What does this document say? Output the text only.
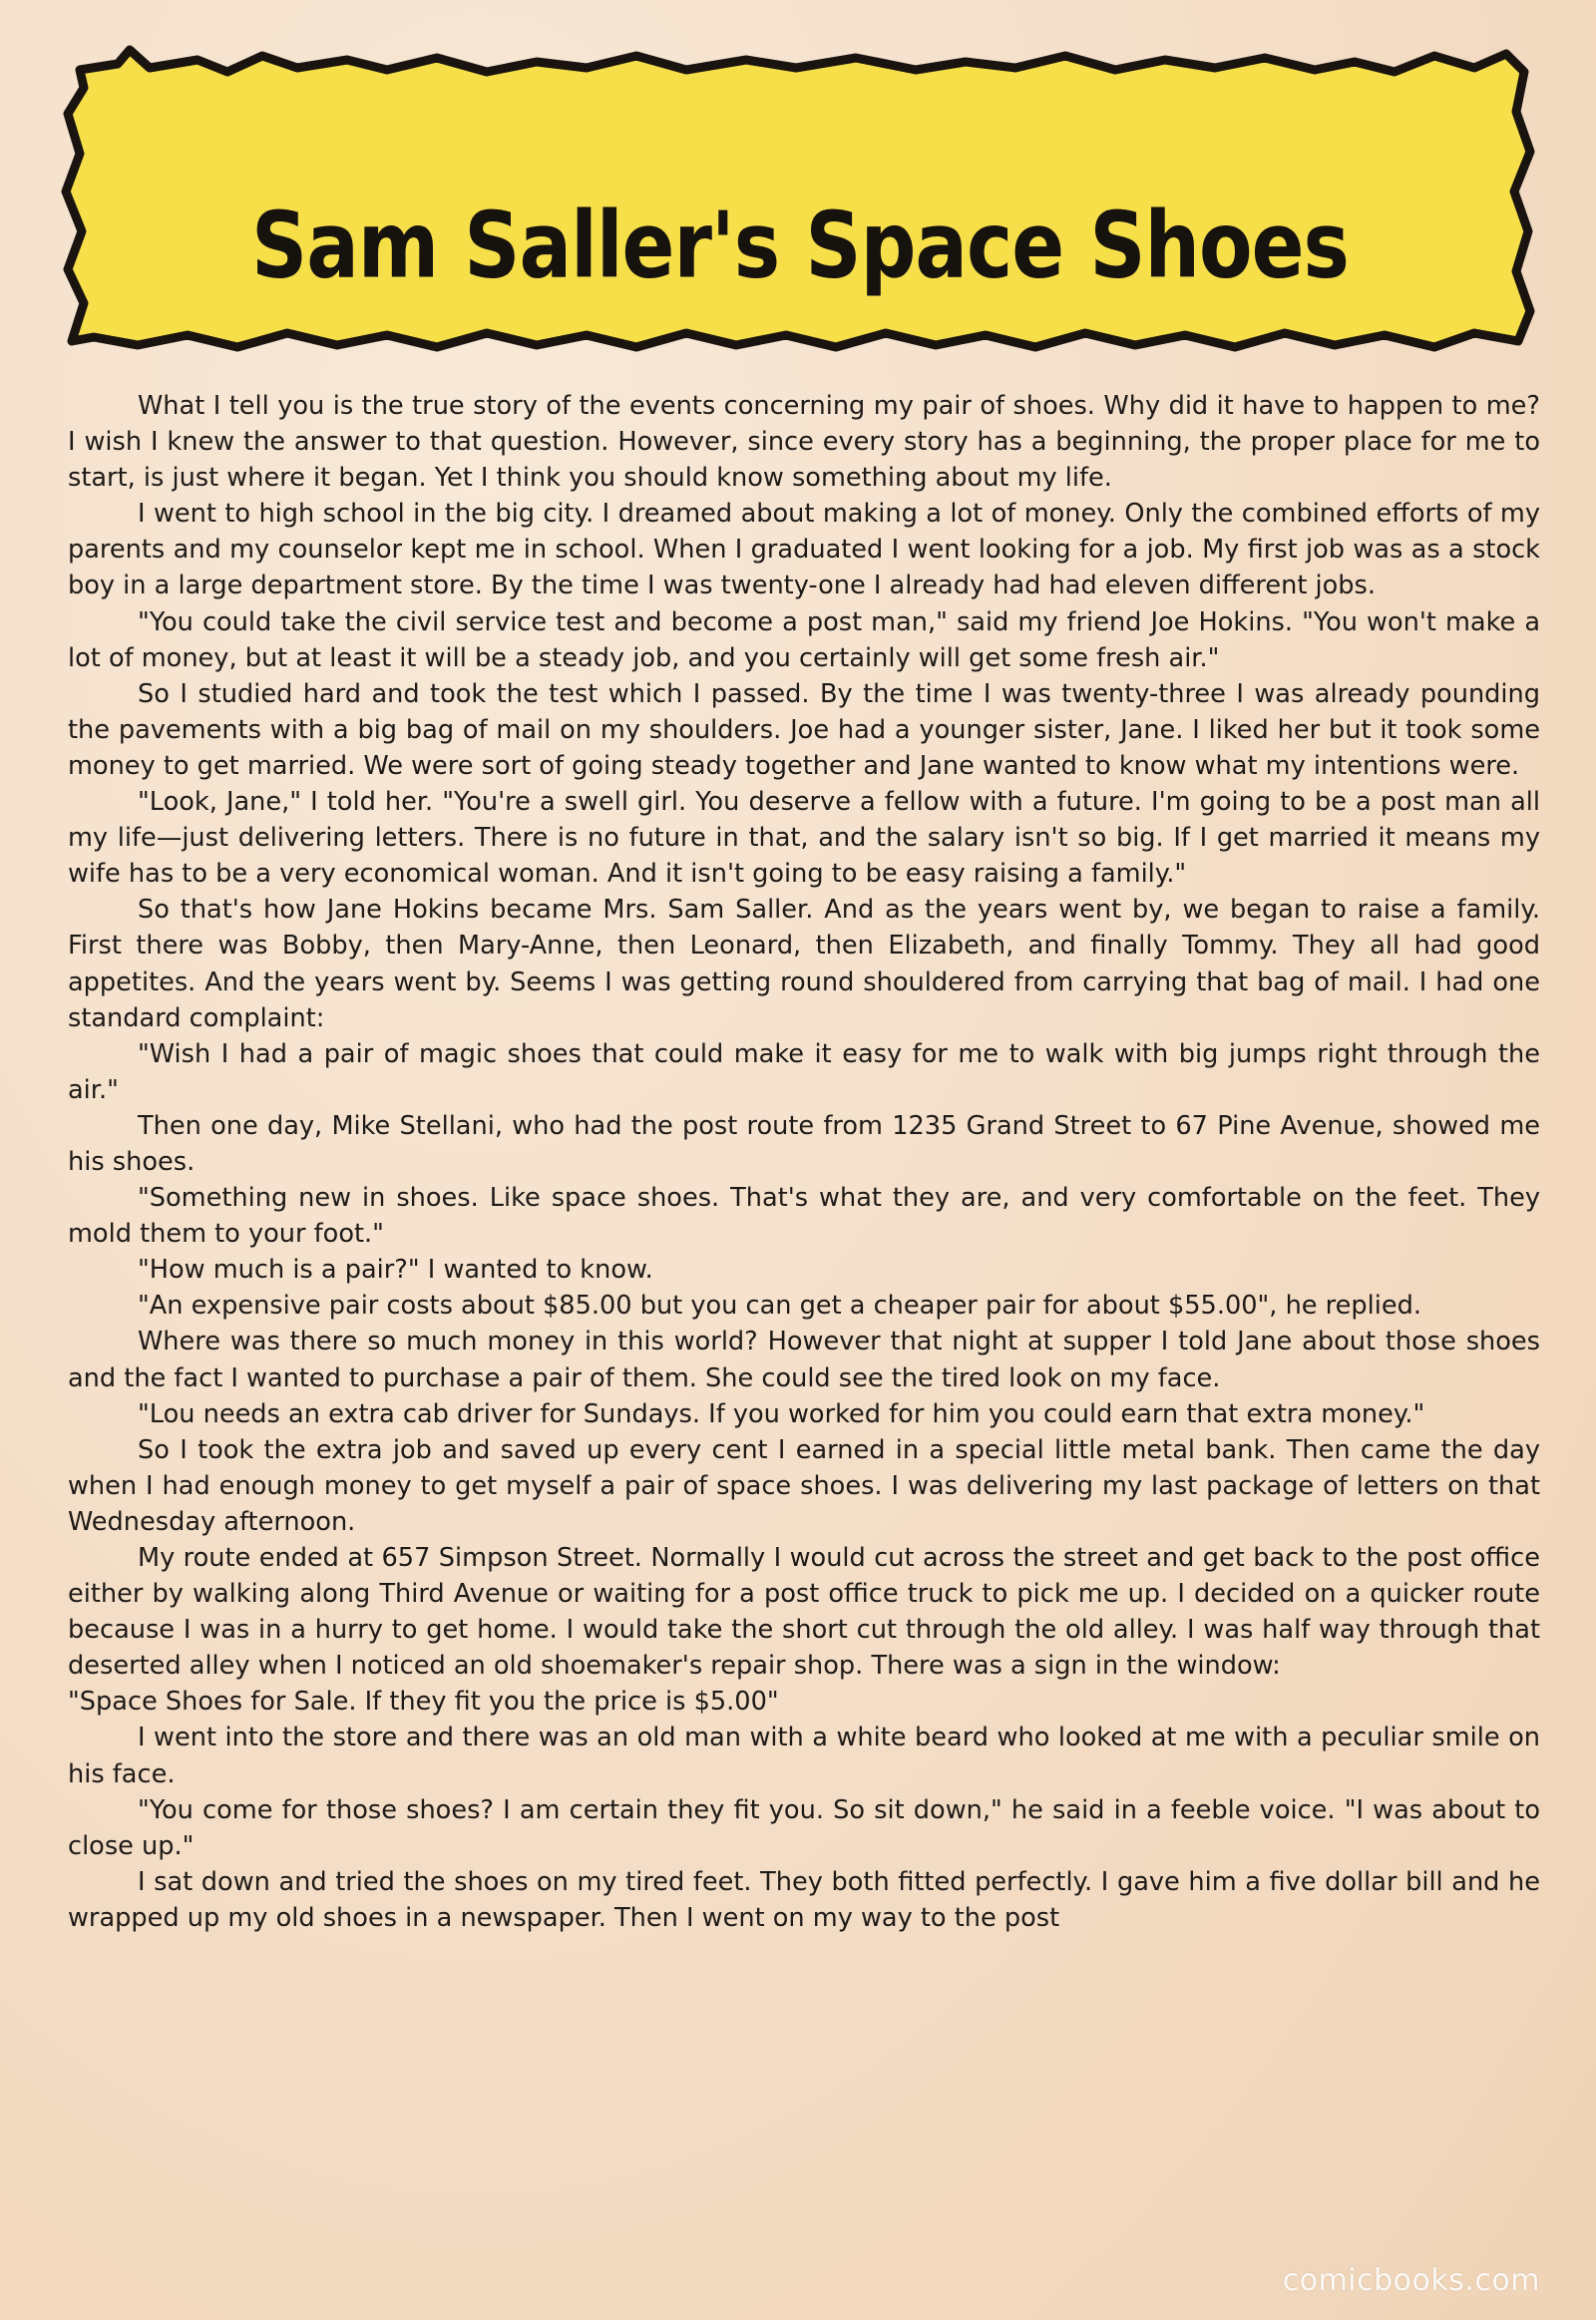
Sam Saller's Space Shoes

What I tell you is the true story of the events concerning my pair of shoes. Why did it have to happen to me? I wish I knew the answer to that question. However, since every story has a beginning, the proper place for me to start, is just where it began. Yet I think you should know something about my life.

I went to high school in the big city. I dreamed about making a lot of money. Only the combined efforts of my parents and my counselor kept me in school. When I graduated I went looking for a job. My first job was as a stock boy in a large department store. By the time I was twenty-one I already had had eleven different jobs.

"You could take the civil service test and become a post man," said my friend Joe Hokins. "You won't make a lot of money, but at least it will be a steady job, and you certainly will get some fresh air."

So I studied hard and took the test which I passed. By the time I was twenty-three I was already pounding the pavements with a big bag of mail on my shoulders. Joe had a younger sister, Jane. I liked her but it took some money to get married. We were sort of going steady together and Jane wanted to know what my intentions were.

"Look, Jane," I told her. "You're a swell girl. You deserve a fellow with a future. I'm going to be a post man all my life—just delivering letters. There is no future in that, and the salary isn't so big. If I get married it means my wife has to be a very economical woman. And it isn't going to be easy raising a family."

So that's how Jane Hokins became Mrs. Sam Saller. And as the years went by, we began to raise a family. First there was Bobby, then Mary-Anne, then Leonard, then Elizabeth, and finally Tommy. They all had good appetites. And the years went by. Seems I was getting round shouldered from carrying that bag of mail. I had one standard complaint:

"Wish I had a pair of magic shoes that could make it easy for me to walk with big jumps right through the air."

Then one day, Mike Stellani, who had the post route from 1235 Grand Street to 67 Pine Avenue, showed me his shoes.

"Something new in shoes. Like space shoes. That's what they are, and very comfortable on the feet. They mold them to your foot."

"How much is a pair?" I wanted to know.

"An expensive pair costs about $85.00 but you can get a cheaper pair for about $55.00", he replied.

Where was there so much money in this world? However that night at supper I told Jane about those shoes and the fact I wanted to purchase a pair of them. She could see the tired look on my face.

"Lou needs an extra cab driver for Sundays. If you worked for him you could earn that extra money."

So I took the extra job and saved up every cent I earned in a special little metal bank. Then came the day when I had enough money to get myself a pair of space shoes. I was delivering my last package of letters on that Wednesday afternoon.

My route ended at 657 Simpson Street. Normally I would cut across the street and get back to the post office either by walking along Third Avenue or waiting for a post office truck to pick me up. I decided on a quicker route because I was in a hurry to get home. I would take the short cut through the old alley. I was half way through that deserted alley when I noticed an old shoemaker's repair shop. There was a sign in the window:

"Space Shoes for Sale. If they fit you the price is $5.00"

I went into the store and there was an old man with a white beard who looked at me with a peculiar smile on his face.

"You come for those shoes? I am certain they fit you. So sit down," he said in a feeble voice. "I was about to close up."

I sat down and tried the shoes on my tired feet. They both fitted perfectly. I gave him a five dollar bill and he wrapped up my old shoes in a newspaper. Then I went on my way to the post

comicbooks.com
